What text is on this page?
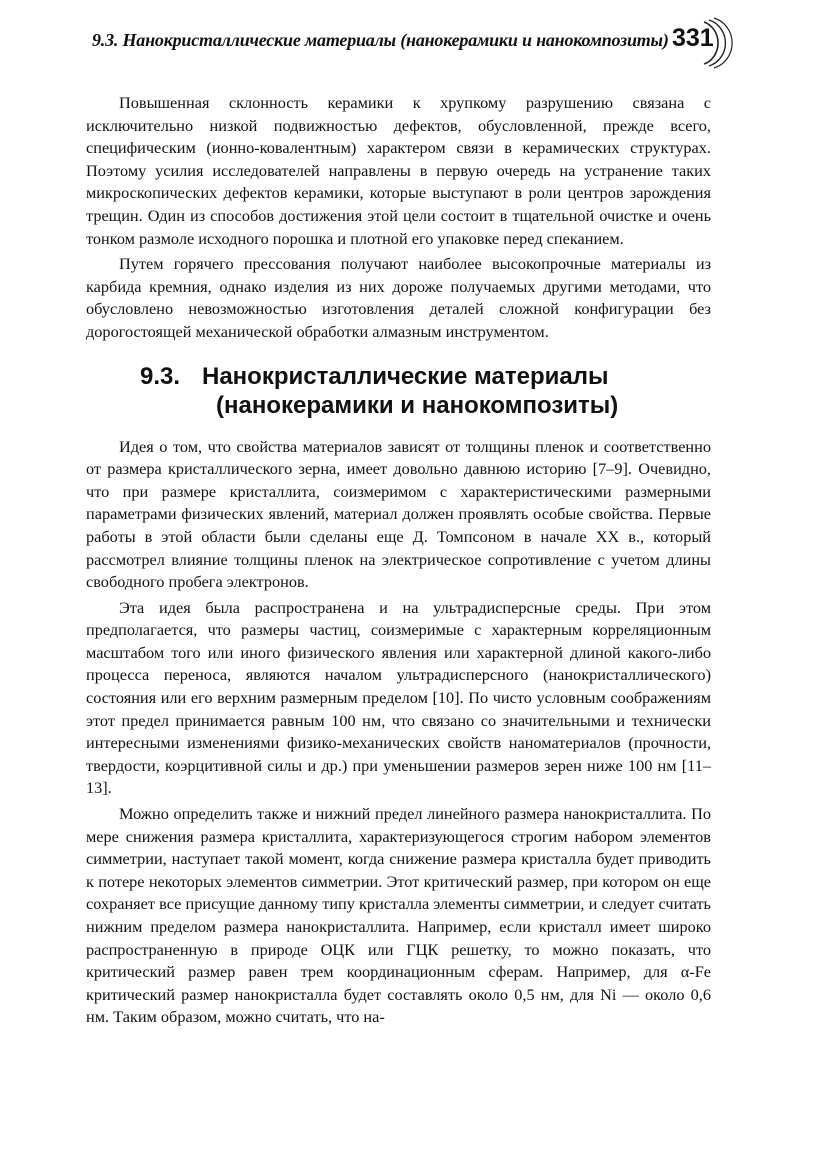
9.3. Нанокристаллические материалы (нанокерамики и нанокомпозиты) 331

Повышенная склонность керамики к хрупкому разрушению связана с исключительно низкой подвижностью дефектов, обусловленной, прежде всего, специфическим (ионно-ковалентным) характером связи в керамических структурах. Поэтому усилия исследователей направлены в первую очередь на устранение таких микроскопических дефектов керамики, которые выступают в роли центров зарождения трещин. Один из способов достижения этой цели состоит в тщательной очистке и очень тонком размоле исходного порошка и плотной его упаковке перед спеканием.

Путем горячего прессования получают наиболее высокопрочные материалы из карбида кремния, однако изделия из них дороже получаемых другими методами, что обусловлено невозможностью изготовления деталей сложной конфигурации без дорогостоящей механической обработки алмазным инструментом.

9.3. Нанокристаллические материалы
(нанокерамики и нанокомпозиты)

Идея о том, что свойства материалов зависят от толщины пленок и соответственно от размера кристаллического зерна, имеет довольно давнюю историю [7–9]. Очевидно, что при размере кристаллита, соизмеримом с характеристическими размерными параметрами физических явлений, материал должен проявлять особые свойства. Первые работы в этой области были сделаны еще Д. Томпсоном в начале XX в., который рассмотрел влияние толщины пленок на электрическое сопротивление с учетом длины свободного пробега электронов.

Эта идея была распространена и на ультрадисперсные среды. При этом предполагается, что размеры частиц, соизмеримые с характерным корреляционным масштабом того или иного физического явления или характерной длиной какого-либо процесса переноса, являются началом ультрадисперсного (нанокристаллического) состояния или его верхним размерным пределом [10]. По чисто условным соображениям этот предел принимается равным 100 нм, что связано со значительными и технически интересными изменениями физико-механических свойств наноматериалов (прочности, твердости, коэрцитивной силы и др.) при уменьшении размеров зерен ниже 100 нм [11–13].

Можно определить также и нижний предел линейного размера нанокристаллита. По мере снижения размера кристаллита, характеризующегося строгим набором элементов симметрии, наступает такой момент, когда снижение размера кристалла будет приводить к потере некоторых элементов симметрии. Этот критический размер, при котором он еще сохраняет все присущие данному типу кристалла элементы симметрии, и следует считать нижним пределом размера нанокристаллита. Например, если кристалл имеет широко распространенную в природе ОЦК или ГЦК решетку, то можно показать, что критический размер равен трем координационным сферам. Например, для α-Fe критический размер нанокристалла будет составлять около 0,5 нм, для Ni — около 0,6 нм. Таким образом, можно считать, что на-
